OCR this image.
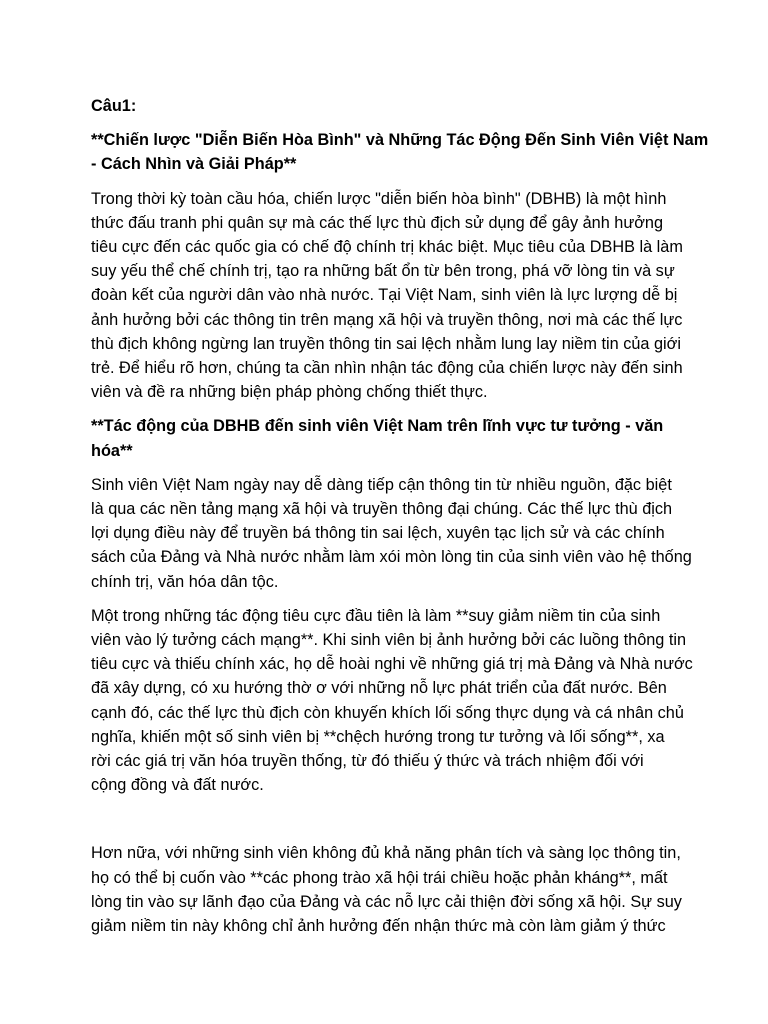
Câu1:
**Chiến lược "Diễn Biến Hòa Bình" và Những Tác Động Đến Sinh Viên Việt Nam
- Cách Nhìn và Giải Pháp**
Trong thời kỳ toàn cầu hóa, chiến lược "diễn biến hòa bình" (DBHB) là một hình
thức đấu tranh phi quân sự mà các thế lực thù địch sử dụng để gây ảnh hưởng
tiêu cực đến các quốc gia có chế độ chính trị khác biệt. Mục tiêu của DBHB là làm
suy yếu thể chế chính trị, tạo ra những bất ổn từ bên trong, phá vỡ lòng tin và sự
đoàn kết của người dân vào nhà nước. Tại Việt Nam, sinh viên là lực lượng dễ bị
ảnh hưởng bởi các thông tin trên mạng xã hội và truyền thông, nơi mà các thế lực
thù địch không ngừng lan truyền thông tin sai lệch nhằm lung lay niềm tin của giới
trẻ. Để hiểu rõ hơn, chúng ta cần nhìn nhận tác động của chiến lược này đến sinh
viên và đề ra những biện pháp phòng chống thiết thực.
**Tác động của DBHB đến sinh viên Việt Nam trên lĩnh vực tư tưởng - văn
hóa**
Sinh viên Việt Nam ngày nay dễ dàng tiếp cận thông tin từ nhiều nguồn, đặc biệt
là qua các nền tảng mạng xã hội và truyền thông đại chúng. Các thế lực thù địch
lợi dụng điều này để truyền bá thông tin sai lệch, xuyên tạc lịch sử và các chính
sách của Đảng và Nhà nước nhằm làm xói mòn lòng tin của sinh viên vào hệ thống
chính trị, văn hóa dân tộc.
Một trong những tác động tiêu cực đầu tiên là làm **suy giảm niềm tin của sinh
viên vào lý tưởng cách mạng**. Khi sinh viên bị ảnh hưởng bởi các luồng thông tin
tiêu cực và thiếu chính xác, họ dễ hoài nghi về những giá trị mà Đảng và Nhà nước
đã xây dựng, có xu hướng thờ ơ với những nỗ lực phát triển của đất nước. Bên
cạnh đó, các thế lực thù địch còn khuyến khích lối sống thực dụng và cá nhân chủ
nghĩa, khiến một số sinh viên bị **chệch hướng trong tư tưởng và lối sống**, xa
rời các giá trị văn hóa truyền thống, từ đó thiếu ý thức và trách nhiệm đối với
cộng đồng và đất nước.
Hơn nữa, với những sinh viên không đủ khả năng phân tích và sàng lọc thông tin,
họ có thể bị cuốn vào **các phong trào xã hội trái chiều hoặc phản kháng**, mất
lòng tin vào sự lãnh đạo của Đảng và các nỗ lực cải thiện đời sống xã hội. Sự suy
giảm niềm tin này không chỉ ảnh hưởng đến nhận thức mà còn làm giảm ý thức
